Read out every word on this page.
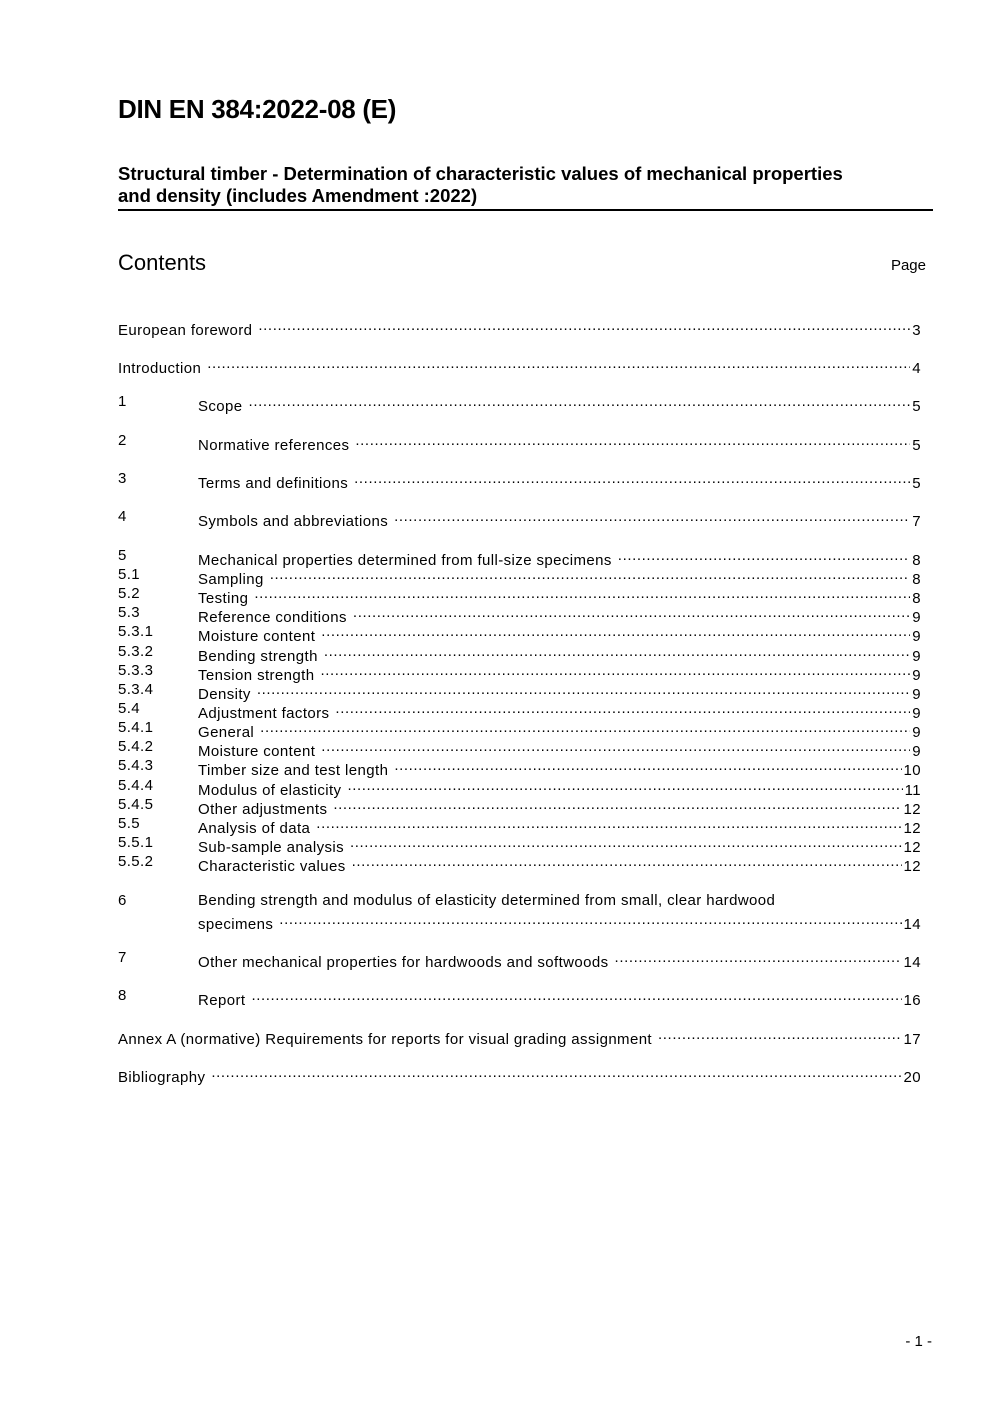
DIN EN 384:2022-08 (E)
Structural timber - Determination of characteristic values of mechanical properties
and density (includes Amendment :2022)
Contents	Page
European foreword .....	3
Introduction .....	4
1	Scope .....	5
2	Normative references .....	5
3	Terms and definitions .....	5
4	Symbols and abbreviations .....	7
5	Mechanical properties determined from full-size specimens .....	8
5.1	Sampling .....	8
5.2	Testing .....	8
5.3	Reference conditions .....	9
5.3.1	Moisture content .....	9
5.3.2	Bending strength .....	9
5.3.3	Tension strength .....	9
5.3.4	Density .....	9
5.4	Adjustment factors .....	9
5.4.1	General .....	9
5.4.2	Moisture content .....	9
5.4.3	Timber size and test length .....	10
5.4.4	Modulus of elasticity .....	11
5.4.5	Other adjustments .....	12
5.5	Analysis of data .....	12
5.5.1	Sub-sample analysis .....	12
5.5.2	Characteristic values .....	12
6	Bending strength and modulus of elasticity determined from small, clear hardwood
specimens .....	14
7	Other mechanical properties for hardwoods and softwoods .....	14
8	Report .....	16
Annex A (normative) Requirements for reports for visual grading assignment .....	17
Bibliography .....	20
- 1 -
